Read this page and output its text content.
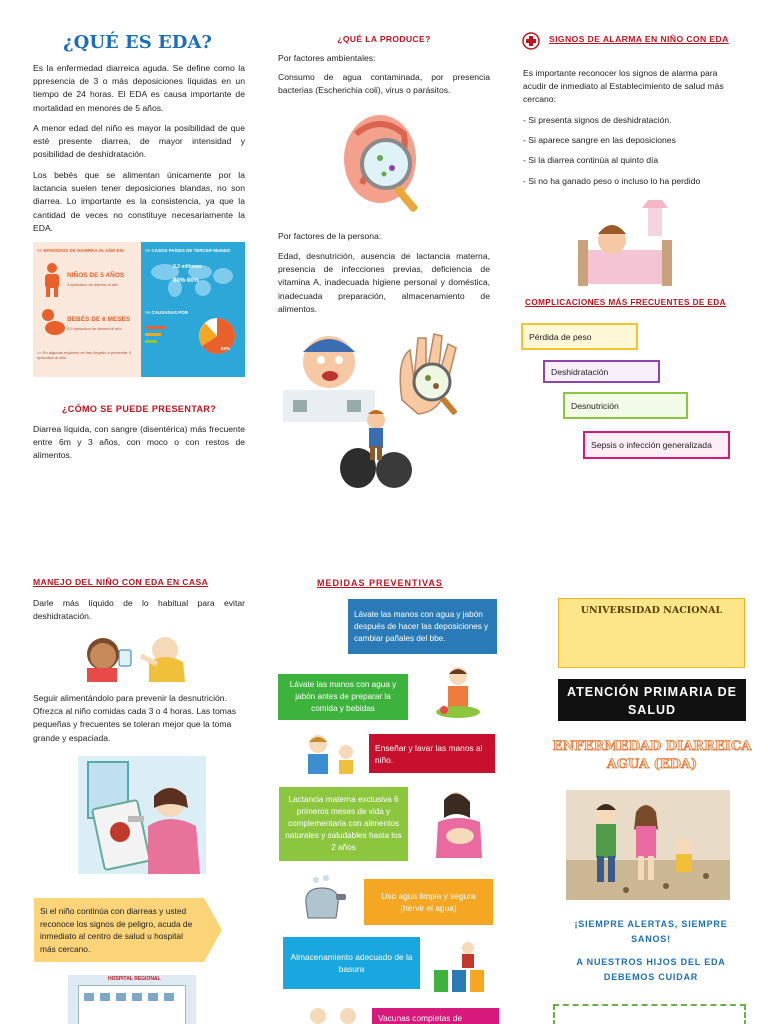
¿QUÉ ES EDA?
Es la enfermedad diarreica aguda. Se define como la ppresencia de 3 o más deposiciones líquidas en un tiempo de 24 horas. El EDA es causa importante de mortalidad en menores de 5 años.
A menor edad del niño es mayor la posibilidad de que esté presente diarrea, de mayor intensidad y posibilidad de deshidratación.
Los bebés que se alimentan únicamente por la lactancia suelen tener deposiciones blandas, no son diarrea. Lo importante es la consistencia, ya que la cantidad de veces no constituye necesariamente la EDA.
>> EPISODIOS DE DIARREA AL AÑO EN:
NIÑOS DE 5 AÑOS
3 episodios de diarrea al año
BEBÉS DE 6 MESES
4,5 episodios de diarrea al año
>> En algunas regiones se han llegado a presentar 9 episodios al año.
>> CASOS PAÍSES DE TERCER MUNDO
3,2 millones
80%-90%
>> CAUSADAS POR
53%
¿CÓMO SE PUEDE PRESENTAR?
Diarrea líquida, con sangre (disentérica) más frecuente entre 6m y 3 años, con moco o con restos de alimentos.
¿QUÉ LA PRODUCE?
Por factores ambientales:
Consumo de agua contaminada, por presencia bacterias (Escherichia coli), virus o parásitos.
Por factores de la persona:
Edad, desnutrición, ausencia de lactancia materna, presencia de infecciones previas, deficiencia de vitamina A, inadecuada higiene personal y doméstica, inadecuada preparación, almacenamiento de alimentos.
SIGNOS DE ALARMA EN NIÑO CON EDA
Es importante reconocer los signos de alarma para acudir de inmediato al Establecimiento de salud más cercano:
- Si presenta signos de deshidratación.
- Si aparece sangre en las deposiciones
- Si la diarrea continúa al quinto día
- Si no ha ganado peso o incluso lo ha perdido
COMPLICACIONES MÁS FRECUENTES DE EDA
Pérdida de peso
Deshidratación
Desnutrición
Sepsis o infección generalizada
MANEJO DEL NIÑO CON EDA EN CASA
Darle más líquido de lo habitual para evitar deshidratación.
Seguir alimentándolo para prevenir la desnutrición. Ofrezca al niño comidas cada 3 o 4 horas. Las tomas pequeñas y frecuentes se toleran mejor que la toma grande y espaciada.
Si el niño continúa con diarreas y usted reconoce los signos de peligro, acuda de inmediato al centro de salud u hospital más cercano.
HOSPITAL REGIONAL
MEDIDAS PREVENTIVAS
Lávate las manos con agua y jabón después de hacer las deposiciones y cambiar pañales del bbe.
Lávate las manos con agua y jabón antes de preparar la comida y bebidas
Enseñar y lavar las manos al niño.
Lactancia materna exclusiva 6 primeros meses de vida y complementaria con alimentos naturales y saludables hasta los 2 años
Uso agua limpia y segura (hervir el agua)
Almacenamiento adecuado de la basura
Vacunas completas de
UNIVERSIDAD NACIONAL
ATENCIÓN PRIMARIA DE SALUD
ENFERMEDAD DIARREICA AGUA (EDA)
¡SIEMPRE ALERTAS, SIEMPRE SANOS!
A NUESTROS HIJOS DEL EDA DEBEMOS CUIDAR
